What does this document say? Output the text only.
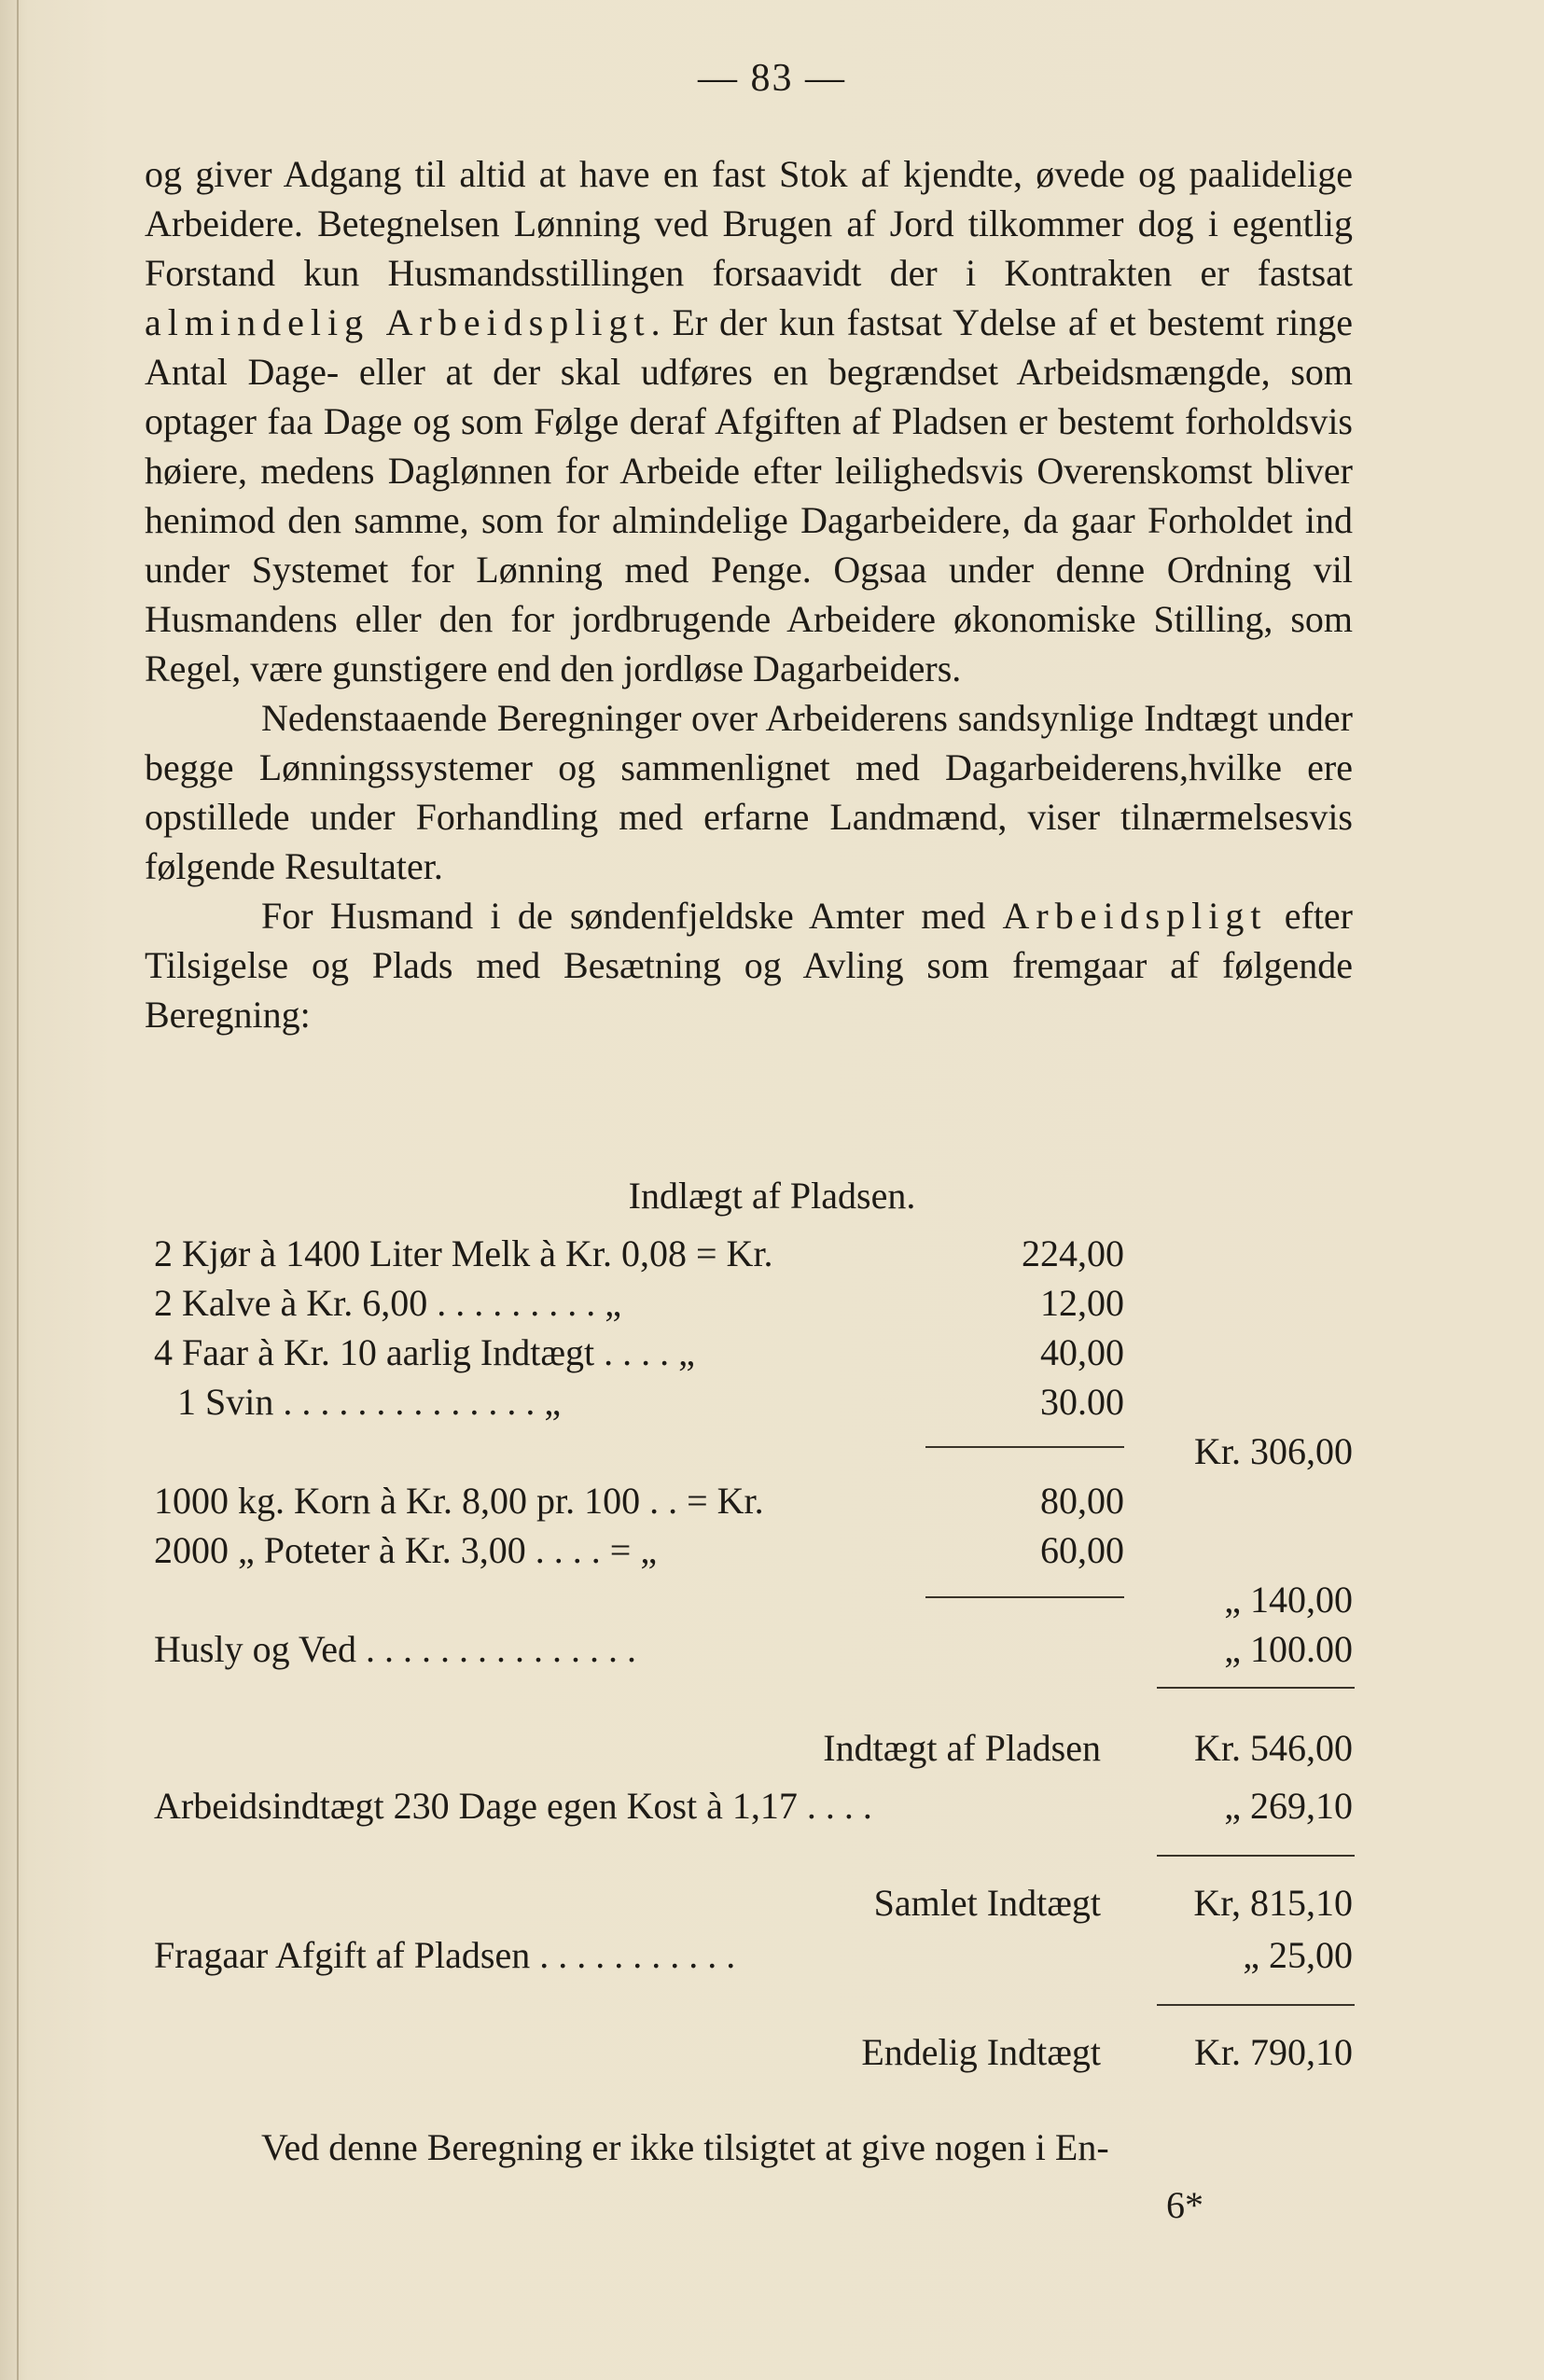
— 83 —

og giver Adgang til altid at have en fast Stok af kjendte, øvede og paalidelige Arbeidere. Betegnelsen Lønning ved Brugen af Jord tilkommer dog i egentlig Forstand kun Husmandsstillingen forsaavidt der i Kontrakten er fastsat almindelig Arbeidspligt. Er der kun fastsat Ydelse af et bestemt ringe Antal Dage- eller at der skal udføres en begrændset Arbeidsmængde, som optager faa Dage og som Følge deraf Afgiften af Pladsen er bestemt forholdsvis høiere, medens Daglønnen for Arbeide efter leilighedsvis Overenskomst bliver henimod den samme, som for almindelige Dagarbeidere, da gaar Forholdet ind under Systemet for Lønning med Penge. Ogsaa under denne Ordning vil Husmandens eller den for jordbrugende Arbeidere økonomiske Stilling, som Regel, være gunstigere end den jordløse Dagarbeiders.

Nedenstaaende Beregninger over Arbeiderens sandsynlige Indtægt under begge Lønningssystemer og sammenlignet med Dagarbeiderens,hvilke ere opstillede under Forhandling med erfarne Landmænd, viser tilnærmelsesvis følgende Resultater.

For Husmand i de søndenfjeldske Amter med Arbeidspligt efter Tilsigelse og Plads med Besætning og Avling som fremgaar af følgende Beregning:

Indlægt af Pladsen.
2 Kjør à 1400 Liter Melk à Kr. 0,08 = Kr.	224,00
2 Kalve à Kr. 6,00 . . . . . . . . . „	12,00
4 Faar à Kr. 10 aarlig Indtægt . . . . „	40,00
1 Svin . . . . . . . . . . . . . . „	30.00
Kr. 306,00
1000 kg. Korn à Kr. 8,00 pr. 100 . . = Kr.	80,00
2000 „ Poteter à Kr. 3,00 . . . . = „	60,00
„ 140,00
Husly og Ved . . . . . . . . . . . . . . .	„ 100.00
Indtægt af Pladsen	Kr. 546,00
Arbeidsindtægt 230 Dage egen Kost à 1,17 . . . .	„ 269,10
Samlet Indtægt	Kr, 815,10
Fragaar Afgift af Pladsen . . . . . . . . . . .	„ 25,00
Endelig Indtægt	Kr. 790,10

Ved denne Beregning er ikke tilsigtet at give nogen i En-

6*
